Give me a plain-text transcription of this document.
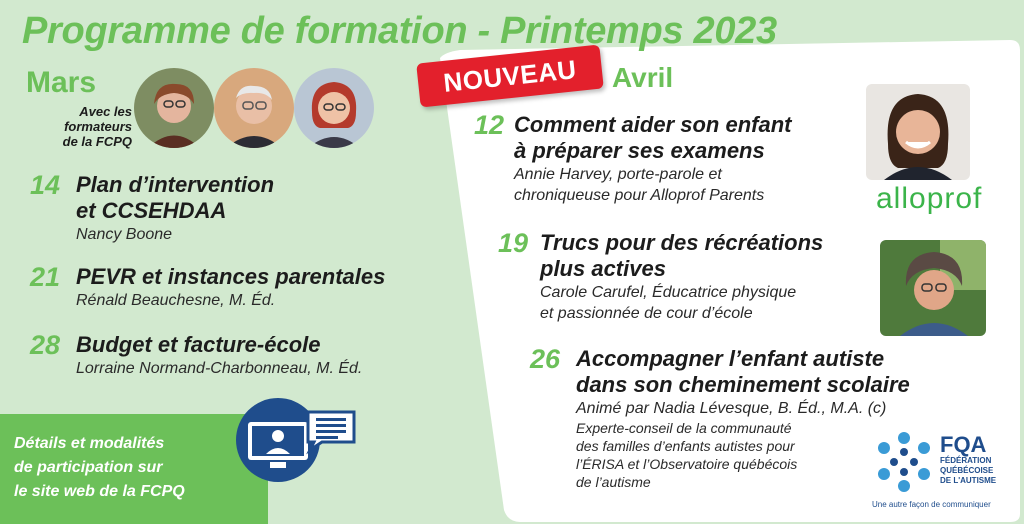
Programme de formation - Printemps 2023
Mars
Avec les
formateurs
de la FCPQ
14 Plan d’intervention
et CCSEHDAA
Nancy Boone
21 PEVR et instances parentales
Rénald Beauchesne, M. Éd.
28 Budget et facture-école
Lorraine Normand-Charbonneau, M. Éd.

Détails et modalités
de participation sur
le site web de la FCPQ

NOUVEAU	Avril
12 Comment aider son enfant
à préparer ses examens
Annie Harvey, porte-parole et
chroniqueuse pour Alloprof Parents	alloprof
19 Trucs pour des récréations
plus actives
Carole Carufel, Éducatrice physique
et passionnée de cour d’école
26 Accompagner l’enfant autiste
dans son cheminement scolaire
Animé par Nadia Lévesque, B. Éd., M.A. (c)
Experte-conseil de la communauté
des familles d’enfants autistes pour
l’ÉRISA et l’Observatoire québécois
de l’autisme
FQA
FÉDÉRATION
QUÉBÉCOISE
DE L'AUTISME
Une autre façon de communiquer
